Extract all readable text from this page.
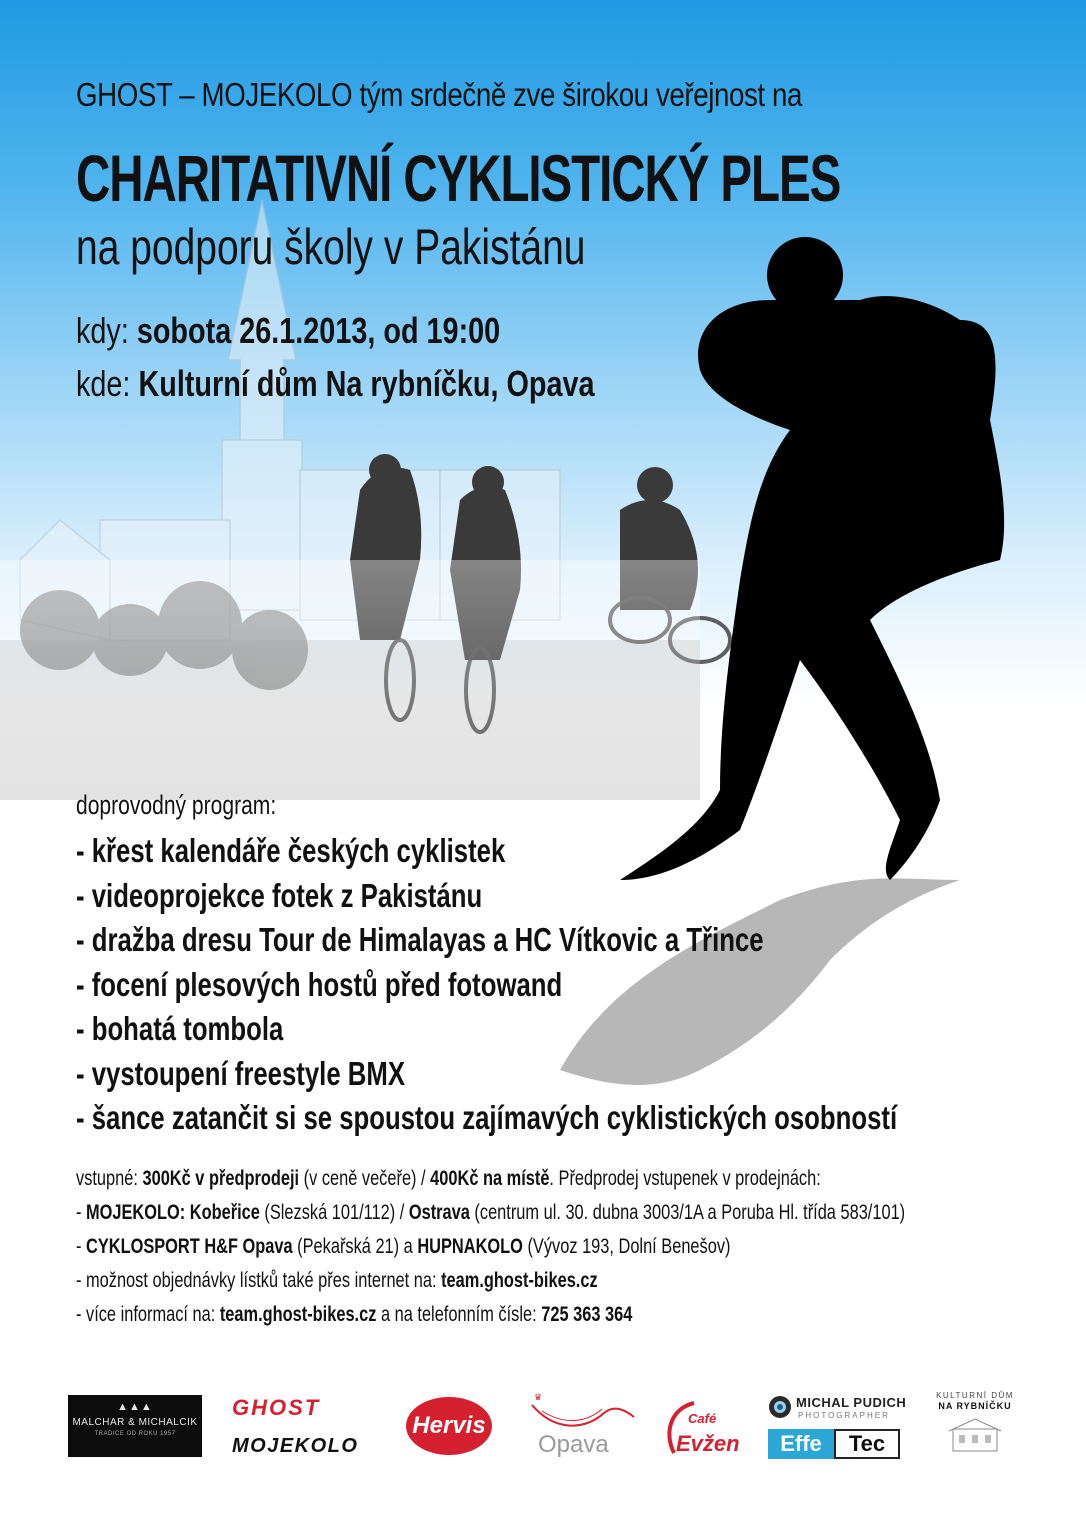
GHOST – MOJEKOLO tým srdečně zve širokou veřejnost na
CHARITATIVNÍ CYKLISTICKÝ PLES
na podporu školy v Pakistánu
kdy: sobota 26.1.2013, od 19:00
kde: Kulturní dům Na rybníčku, Opava
doprovodný program:
- křest kalendáře českých cyklistek
- videoprojekce fotek z Pakistánu
- dražba dresu Tour de Himalayas a HC Vítkovic a Třince
- focení plesových hostů před fotowand
- bohatá tombola
- vystoupení freestyle BMX
- šance zatančit si se spoustou zajímavých cyklistických osobností
vstupné: 300Kč v předprodeji (v ceně večeře) / 400Kč na místě. Předprodej vstupenek v prodejnách:
- MOJEKOLO: Kobeřice (Slezská 101/112) / Ostrava (centrum ul. 30. dubna 3003/1A a Poruba Hl. třída 583/101)
- CYKLOSPORT H&F Opava (Pekařská 21) a HUPNAKOLO (Vývoz 193, Dolní Benešov)
- možnost objednávky lístků také přes internet na: team.ghost-bikes.cz
- více informací na: team.ghost-bikes.cz a na telefonním čísle: 725 363 364
▲▲▲
MALCHAR & MICHALCIK
TRADICE OD ROKU 1957
GHOST
MOJEKOLO
Hervis
♛
Opava
Café
Evžen
MICHAL PUDICH
PHOTOGRAPHER
Effe	Tec
KULTURNÍ DŮM
NA RYBNÍČKU
